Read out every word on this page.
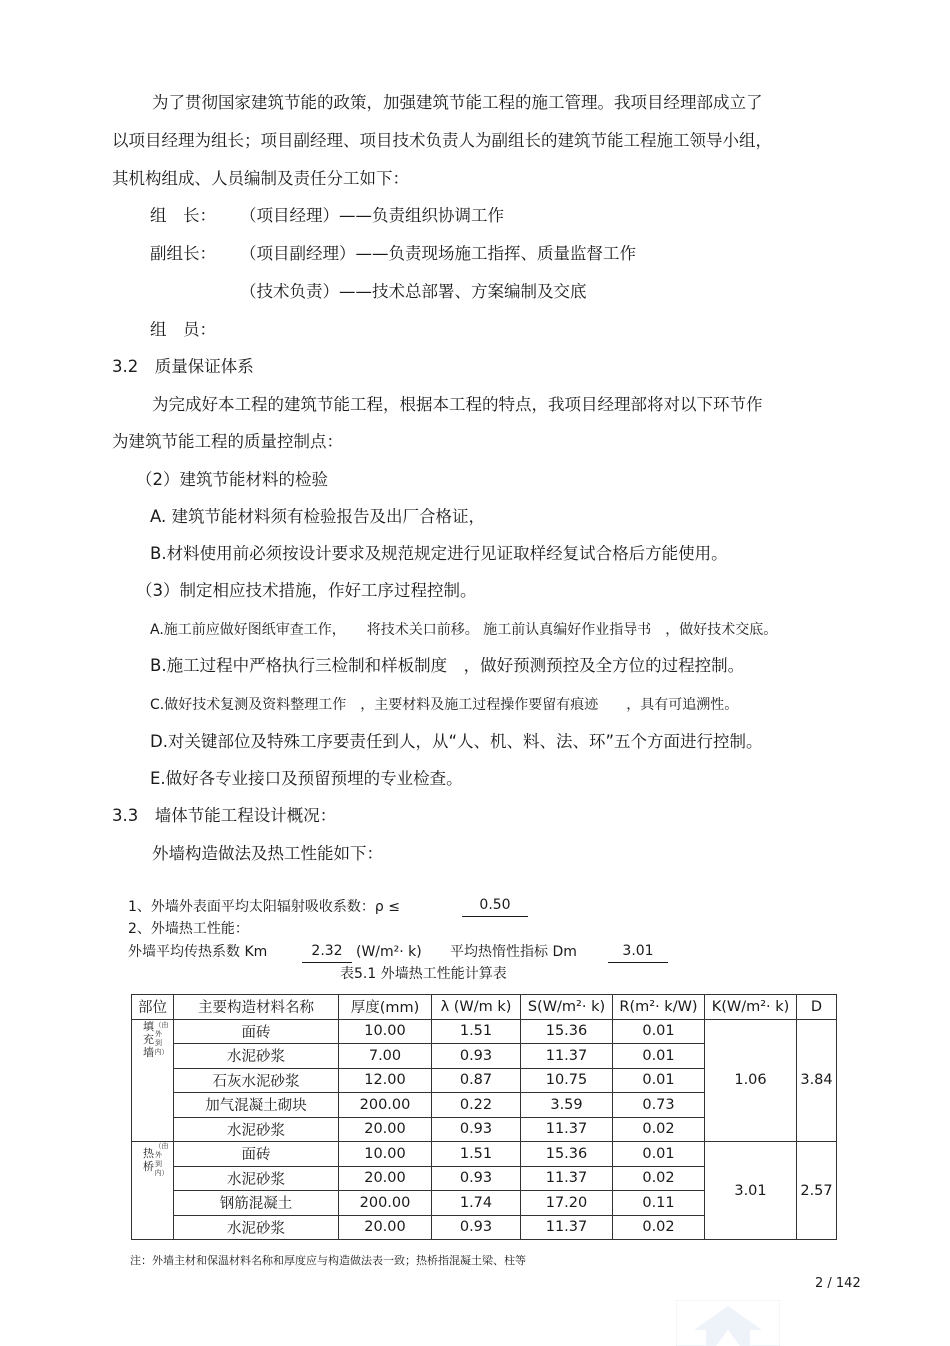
为了贯彻国家建筑节能的政策，加强建筑节能工程的施工管理。我项目经理部成立了
以项目经理为组长；项目副经理、项目技术负责人为副组长的建筑节能工程施工领导小组，
其机构组成、人员编制及责任分工如下：
组　长： （项目经理）——负责组织协调工作
副组长： （项目副经理）——负责现场施工指挥、质量监督工作
（技术负责）——技术总部署、方案编制及交底
组　员：
3.2　质量保证体系
为完成好本工程的建筑节能工程，根据本工程的特点，我项目经理部将对以下环节作
为建筑节能工程的质量控制点：
（2）建筑节能材料的检验
A. 建筑节能材料须有检验报告及出厂合格证，
B.材料使用前必须按设计要求及规范规定进行见证取样经复试合格后方能使用。
（3）制定相应技术措施，作好工序过程控制。
A.施工前应做好图纸审查工作，　　将技术关口前移。 施工前认真编好作业指导书　，做好技术交底。
B.施工过程中严格执行三检制和样板制度　，做好预测预控及全方位的过程控制。
C.做好技术复测及资料整理工作　，主要材料及施工过程操作要留有痕迹　　，具有可追溯性。
D.对关键部位及特殊工序要责任到人，从“人、机、料、法、环”五个方面进行控制。
E.做好各专业接口及预留预埋的专业检查。
3.3　墙体节能工程设计概况：
外墙构造做法及热工性能如下：
1、外墙外表面平均太阳辐射吸收系数：ρ ≤	0.50
2、外墙热工性能：
外墙平均传热系数 Km	2.32 (W/m²· k) 平均热惰性指标 Dm	3.01
表5.1 外墙热工性能计算表
部位	主要构造材料名称	厚度(mm)	λ (W/m k)	S(W/m²· k)	R(m²· k/W)	K(W/m²· k)	D

填充墙（由外到内）	面砖	10.00	1.51	15.36	0.01	1.06	3.84
	水泥砂浆	7.00	0.93	11.37	0.01		
	石灰水泥砂浆	12.00	0.87	10.75	0.01		
	加气混凝土砌块	200.00	0.22	3.59	0.73		
	水泥砂浆	20.00	0.93	11.37	0.02		

热桥（由外到内）	面砖	10.00	1.51	15.36	0.01	3.01	2.57
	水泥砂浆	20.00	0.93	11.37	0.02		
	钢筋混凝土	200.00	1.74	17.20	0.11		
	水泥砂浆	20.00	0.93	11.37	0.02		
注：外墙主材和保温材料名称和厚度应与构造做法表一致；热桥指混凝土梁、柱等
2 / 142
